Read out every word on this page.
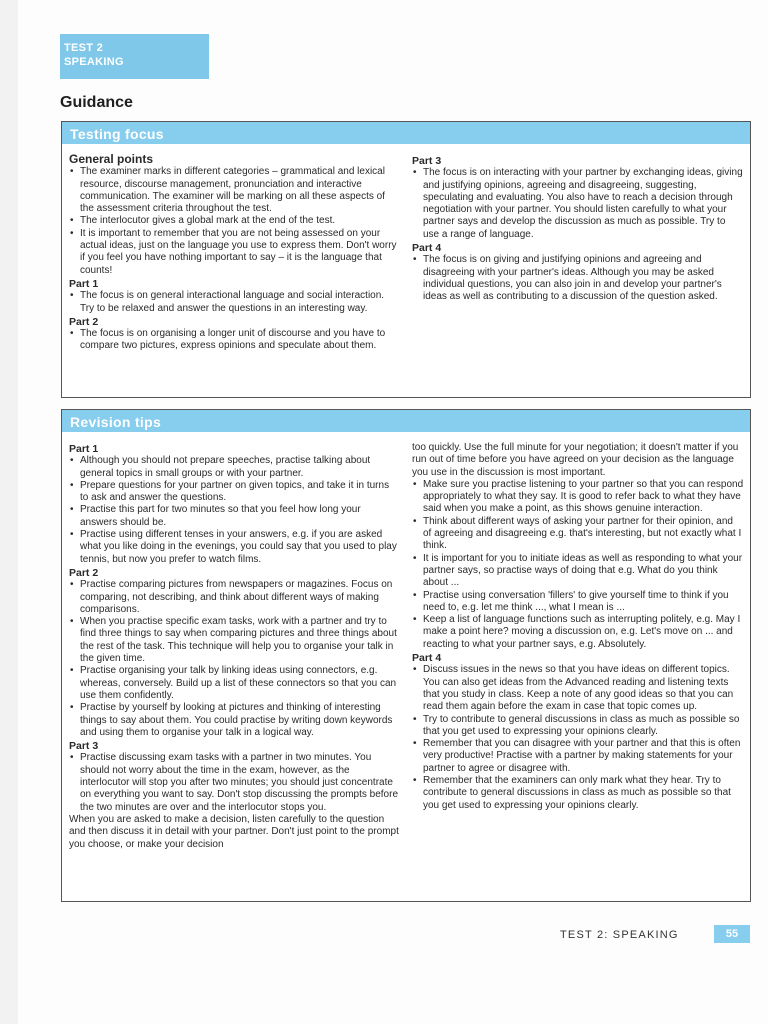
TEST 2
SPEAKING
Guidance
Testing focus
General points
• The examiner marks in different categories – grammatical and lexical resource, discourse management, pronunciation and interactive communication. The examiner will be marking on all these aspects of the assessment criteria throughout the test.
• The interlocutor gives a global mark at the end of the test.
• It is important to remember that you are not being assessed on your actual ideas, just on the language you use to express them. Don't worry if you feel you have nothing important to say – it is the language that counts!
Part 1
• The focus is on general interactional language and social interaction. Try to be relaxed and answer the questions in an interesting way.
Part 2
• The focus is on organising a longer unit of discourse and you have to compare two pictures, express opinions and speculate about them.
Part 3
• The focus is on interacting with your partner by exchanging ideas, giving and justifying opinions, agreeing and disagreeing, suggesting, speculating and evaluating. You also have to reach a decision through negotiation with your partner. You should listen carefully to what your partner says and develop the discussion as much as possible. Try to use a range of language.
Part 4
• The focus is on giving and justifying opinions and agreeing and disagreeing with your partner's ideas. Although you may be asked individual questions, you can also join in and develop your partner's ideas as well as contributing to a discussion of the question asked.
Revision tips
Part 1
• Although you should not prepare speeches, practise talking about general topics in small groups or with your partner.
• Prepare questions for your partner on given topics, and take it in turns to ask and answer the questions.
• Practise this part for two minutes so that you feel how long your answers should be.
• Practise using different tenses in your answers, e.g. if you are asked what you like doing in the evenings, you could say that you used to play tennis, but now you prefer to watch films.
Part 2
• Practise comparing pictures from newspapers or magazines. Focus on comparing, not describing, and think about different ways of making comparisons.
• When you practise specific exam tasks, work with a partner and try to find three things to say when comparing pictures and three things about the rest of the task. This technique will help you to organise your talk in the given time.
• Practise organising your talk by linking ideas using connectors, e.g. whereas, conversely. Build up a list of these connectors so that you can use them confidently.
• Practise by yourself by looking at pictures and thinking of interesting things to say about them. You could practise by writing down keywords and using them to organise your talk in a logical way.
Part 3
• Practise discussing exam tasks with a partner in two minutes. You should not worry about the time in the exam, however, as the interlocutor will stop you after two minutes; you should just concentrate on everything you want to say. Don't stop discussing the prompts before the two minutes are over and the interlocutor stops you.
When you are asked to make a decision, listen carefully to the question and then discuss it in detail with your partner. Don't just point to the prompt you choose, or make your decision
too quickly. Use the full minute for your negotiation; it doesn't matter if you run out of time before you have agreed on your decision as the language you use in the discussion is most important.
• Make sure you practise listening to your partner so that you can respond appropriately to what they say. It is good to refer back to what they have said when you make a point, as this shows genuine interaction.
• Think about different ways of asking your partner for their opinion, and of agreeing and disagreeing e.g. that's interesting, but not exactly what I think.
• It is important for you to initiate ideas as well as responding to what your partner says, so practise ways of doing that e.g. What do you think about ...
• Practise using conversation 'fillers' to give yourself time to think if you need to, e.g. let me think ..., what I mean is ...
• Keep a list of language functions such as interrupting politely, e.g. May I make a point here? moving a discussion on, e.g. Let's move on ... and reacting to what your partner says, e.g. Absolutely.
Part 4
• Discuss issues in the news so that you have ideas on different topics. You can also get ideas from the Advanced reading and listening texts that you study in class. Keep a note of any good ideas so that you can read them again before the exam in case that topic comes up.
• Try to contribute to general discussions in class as much as possible so that you get used to expressing your opinions clearly.
• Remember that you can disagree with your partner and that this is often very productive! Practise with a partner by making statements for your partner to agree or disagree with.
• Remember that the examiners can only mark what they hear. Try to contribute to general discussions in class as much as possible so that you get used to expressing your opinions clearly.
TEST 2: SPEAKING	55
